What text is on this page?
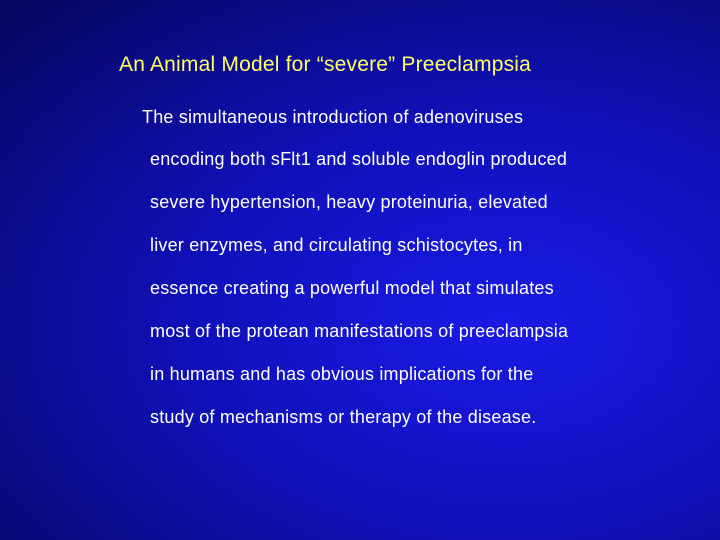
An Animal Model for “severe” Preeclampsia
The simultaneous introduction of adenoviruses
encoding both sFlt1 and soluble endoglin produced
severe hypertension, heavy proteinuria, elevated
liver enzymes, and circulating schistocytes, in
essence creating a powerful model that simulates
most of the protean manifestations of preeclampsia
in humans and has obvious implications for the
study of mechanisms or therapy of the disease.
